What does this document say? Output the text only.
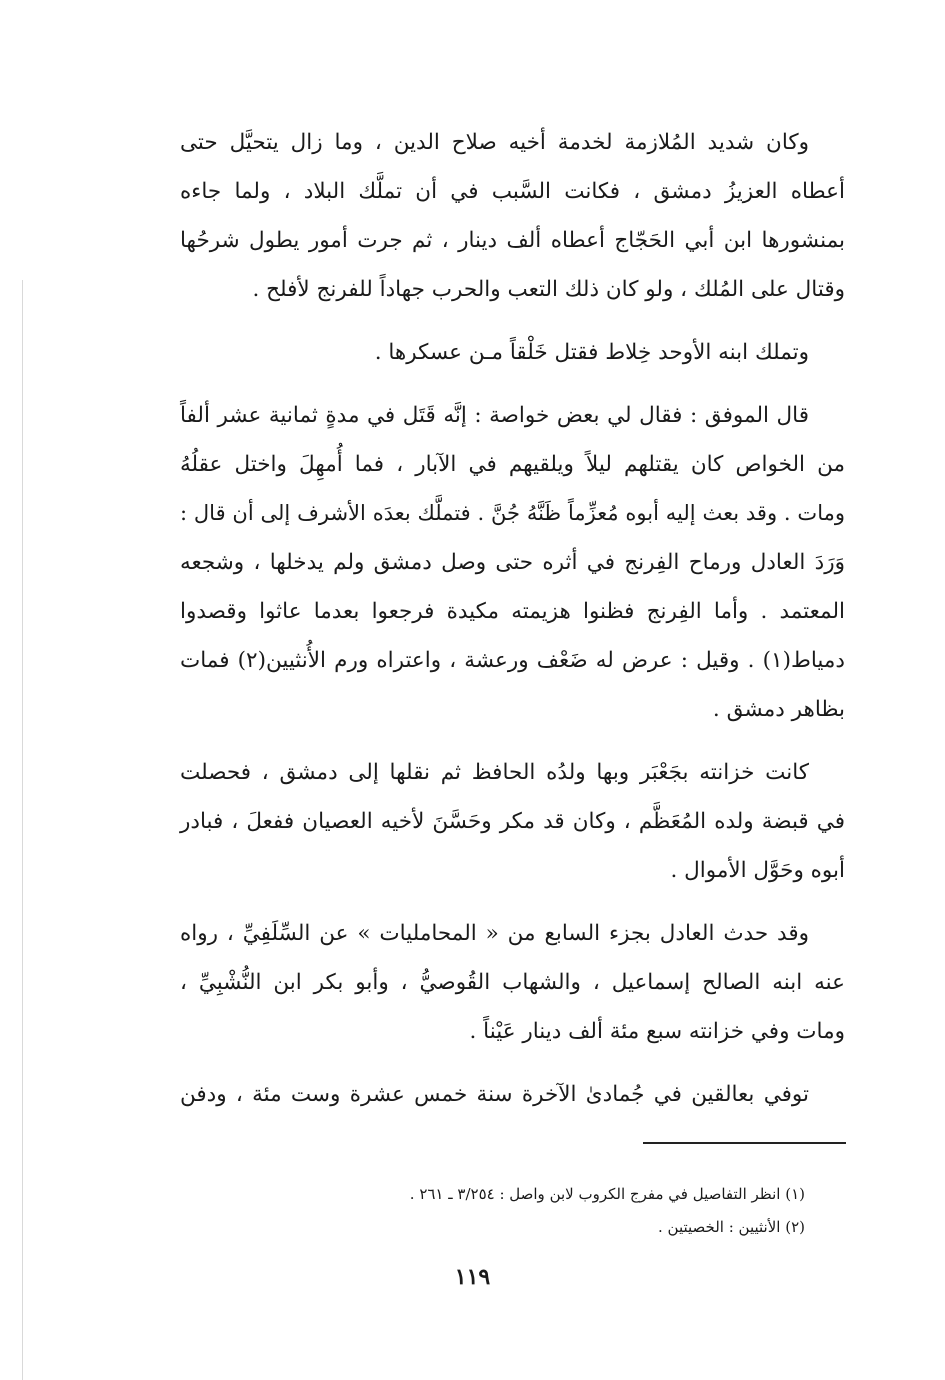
وكان شديد المُلازمة لخدمة أخيه صلاح الدين ، وما زال يتحيَّل حتى
أعطاه العزيزُ دمشق ، فكانت السَّبب في أن تملَّك البلاد ، ولما جاءه
بمنشورها ابن أبي الحَجّاج أعطاه ألف دينار ، ثم جرت أمور يطول شرحُها
وقتال على المُلك ، ولو كان ذلك التعب والحرب جهاداً للفرنج لأفلح .

وتملك ابنه الأوحد خِلاط فقتل خَلْقاً مـن عسكرها .

قال الموفق : فقال لي بعض خواصة : إنَّه قَتَل في مدةٍ ثمانية عشر ألفاً
من الخواص كان يقتلهم ليلاً ويلقيهم في الآبار ، فما أُمهِلَ واختل عقلُهُ
ومات . وقد بعث إليه أبوه مُعزِّماً ظَنَّهُ جُنَّ . فتملَّك بعدَه الأشرف إلى أن قال :
وَرَدَ العادل ورماح الفِرنج في أثره حتى وصل دمشق ولم يدخلها ، وشجعه
المعتمد . وأما الفِرنج فظنوا هزيمته مكيدة فرجعوا بعدما عاثوا وقصدوا
دمياط(١) . وقيل : عرض له ضَعْف ورعشة ، واعتراه ورم الأُنثيين(٢) فمات
بظاهر دمشق .

كانت خزانته بجَعْبَر وبها ولدُه الحافظ ثم نقلها إلى دمشق ، فحصلت
في قبضة ولده المُعَظَّم ، وكان قد مكر وحَسَّنَ لأخيه العصيان ففعلَ ، فبادر
أبوه وحَوَّل الأموال .

وقد حدث العادل بجزء السابع من « المحامليات » عن السِّلَفِيِّ ، رواه
عنه ابنه الصالح إسماعيل ، والشهاب القُوصيُّ ، وأبو بكر ابن النُّشْبِيِّ ،
ومات وفي خزانته سبع مئة ألف دينار عَيْناً .

توفي بعالقين في جُمادىٰ الآخرة سنة خمس عشرة وست مئة ، ودفن

(١) انظر التفاصيل في مفرج الكروب لابن واصل : ٣/٢٥٤ ـ ٢٦١ .
(٢) الأنثيين : الخصيتين .
١١٩
